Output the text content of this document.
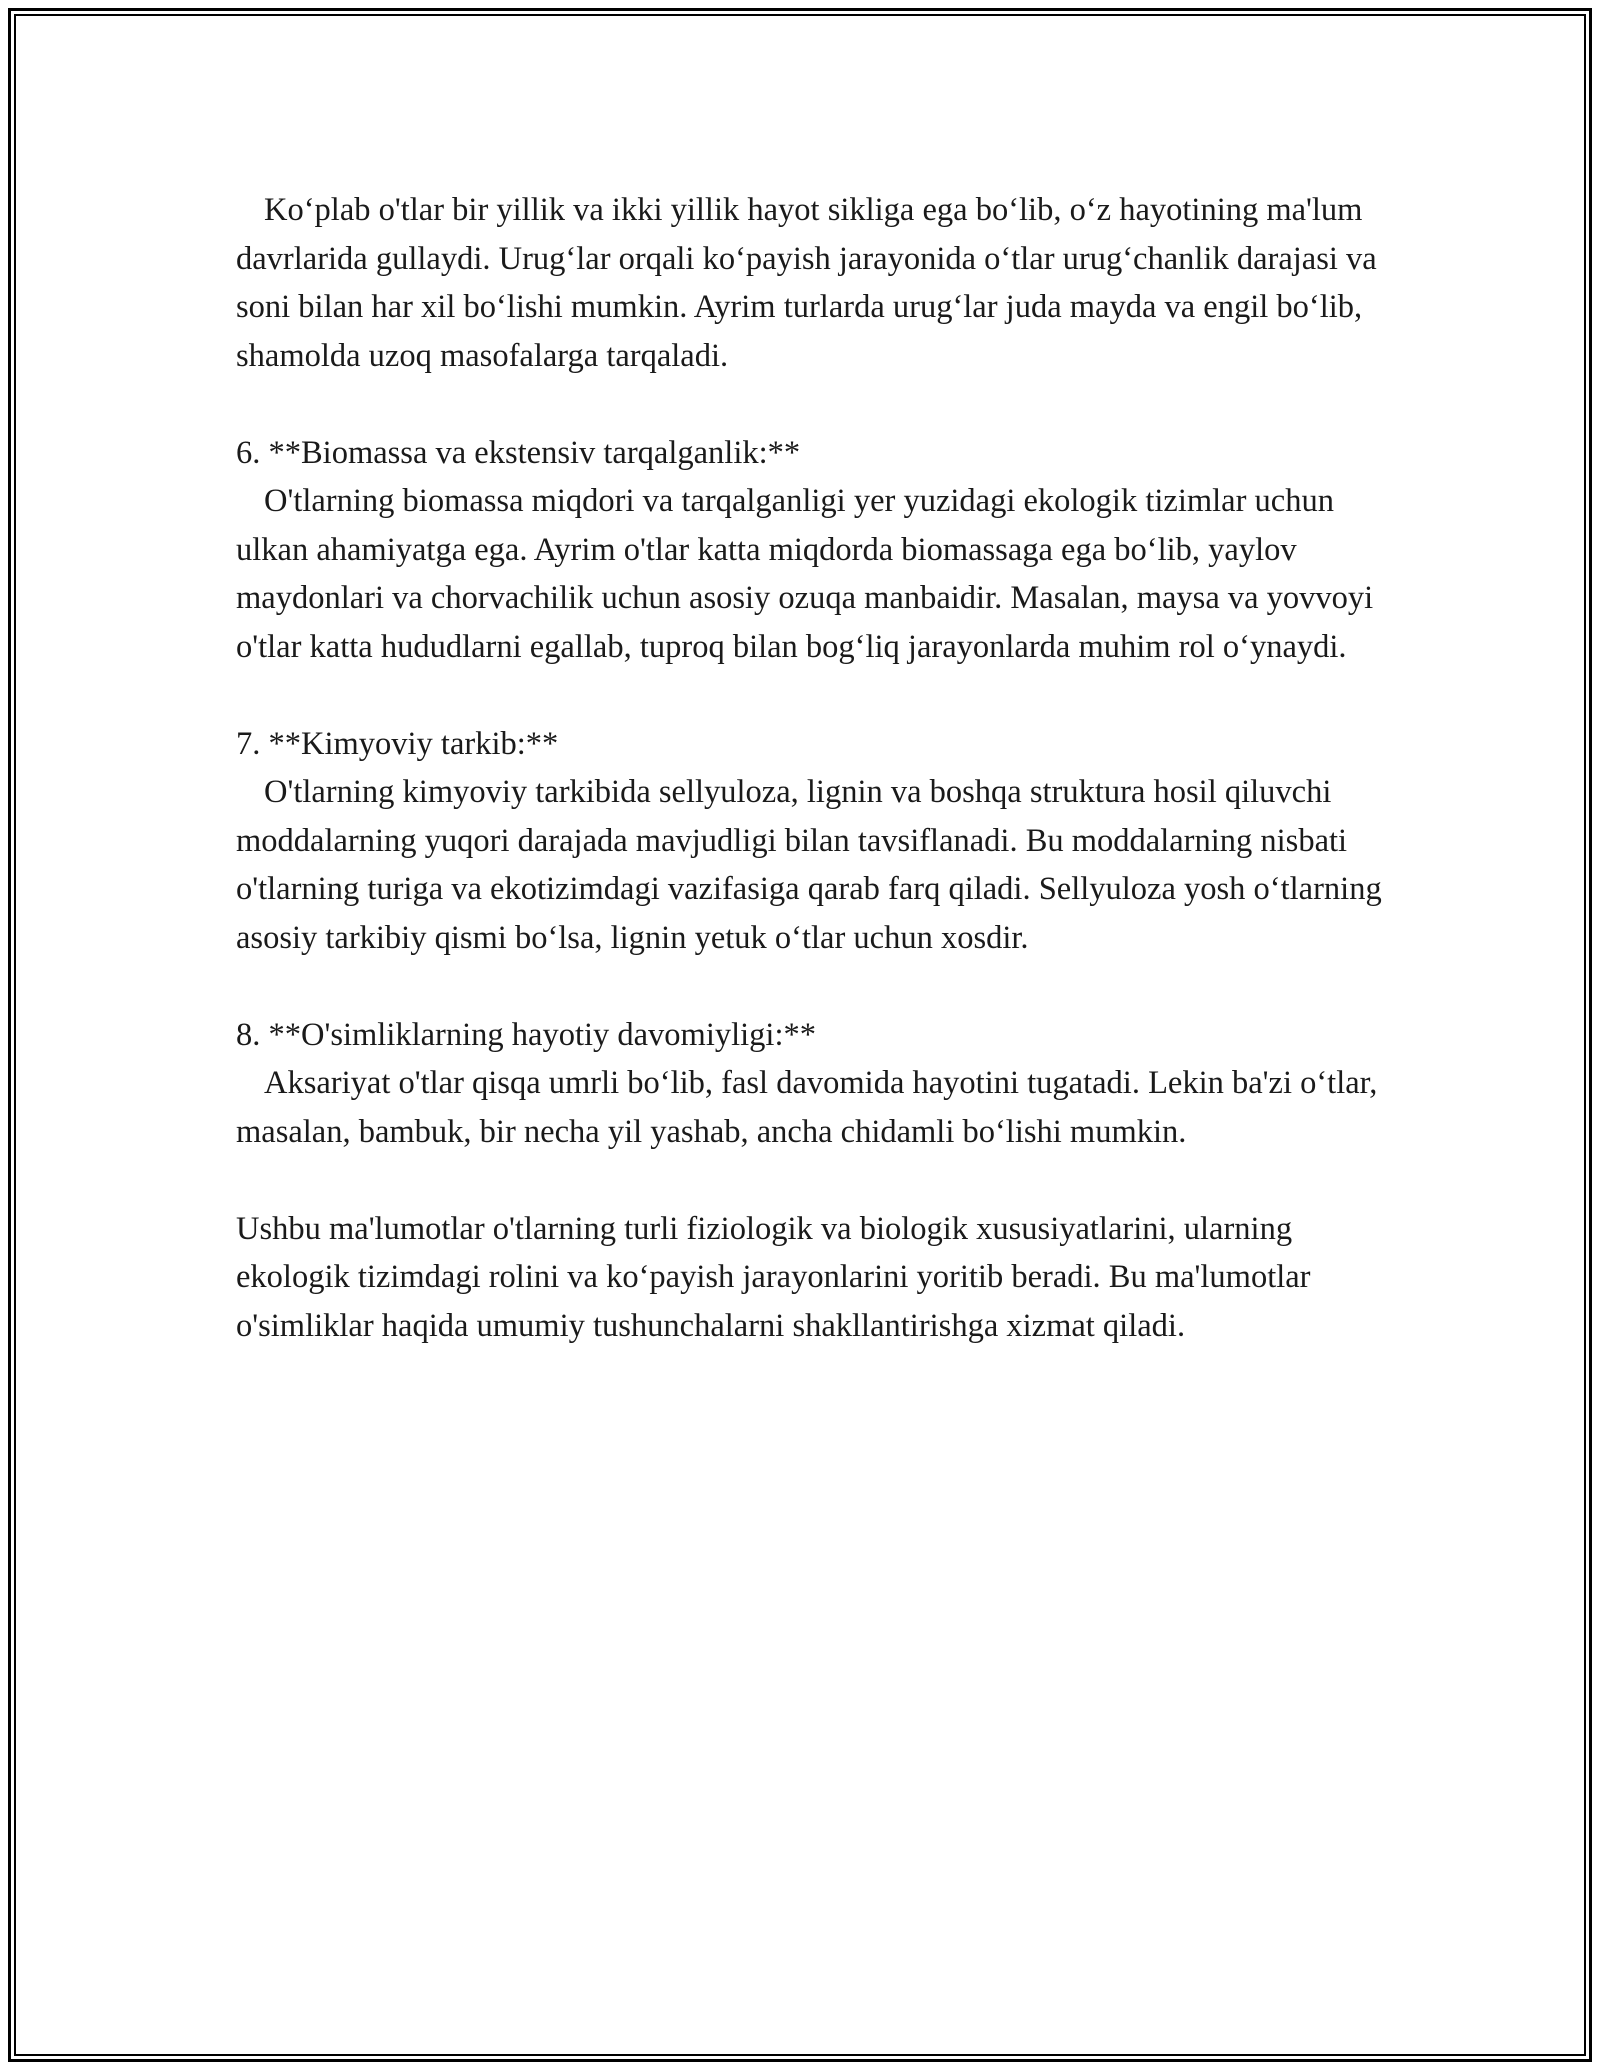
Ko‘plab o'tlar bir yillik va ikki yillik hayot sikliga ega bo‘lib, o‘z hayotining ma'lum davrlarida gullaydi. Urug‘lar orqali ko‘payish jarayonida o‘tlar urug‘chanlik darajasi va soni bilan har xil bo‘lishi mumkin. Ayrim turlarda urug‘lar juda mayda va engil bo‘lib, shamolda uzoq masofalarga tarqaladi.

6. **Biomassa va ekstensiv tarqalganlik:**
O'tlarning biomassa miqdori va tarqalganligi yer yuzidagi ekologik tizimlar uchun ulkan ahamiyatga ega. Ayrim o'tlar katta miqdorda biomassaga ega bo‘lib, yaylov maydonlari va chorvachilik uchun asosiy ozuqa manbaidir. Masalan, maysa va yovvoyi o'tlar katta hududlarni egallab, tuproq bilan bog‘liq jarayonlarda muhim rol o‘ynaydi.

7. **Kimyoviy tarkib:**
O'tlarning kimyoviy tarkibida sellyuloza, lignin va boshqa struktura hosil qiluvchi moddalarning yuqori darajada mavjudligi bilan tavsiflanadi. Bu moddalarning nisbati o'tlarning turiga va ekotizimdagi vazifasiga qarab farq qiladi. Sellyuloza yosh o‘tlarning asosiy tarkibiy qismi bo‘lsa, lignin yetuk o‘tlar uchun xosdir.

8. **O'simliklarning hayotiy davomiyligi:**
Aksariyat o'tlar qisqa umrli bo‘lib, fasl davomida hayotini tugatadi. Lekin ba'zi o‘tlar, masalan, bambuk, bir necha yil yashab, ancha chidamli bo‘lishi mumkin.

Ushbu ma'lumotlar o'tlarning turli fiziologik va biologik xususiyatlarini, ularning ekologik tizimdagi rolini va ko‘payish jarayonlarini yoritib beradi. Bu ma'lumotlar o'simliklar haqida umumiy tushunchalarni shakllantirishga xizmat qiladi.
